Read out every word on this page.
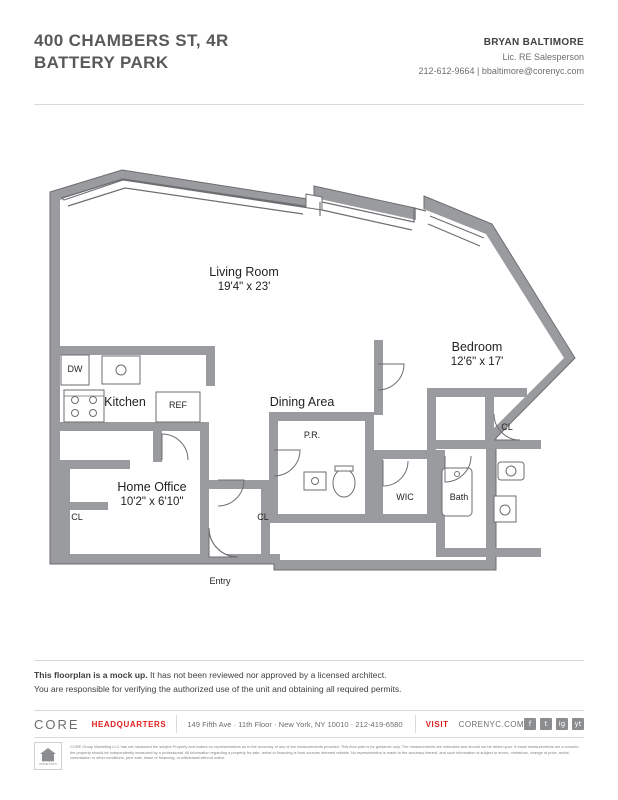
400 CHAMBERS ST, 4R
BATTERY PARK
BRYAN BALTIMORE
Lic. RE Salesperson
212-612-9664 | bbaltimore@corenyc.com
Living Room
19'4" x 23'
Bedroom
12'6" x 17'
Home Office
10'2" x 6'10"
Kitchen	Dining Area
DW
REF
P.R.
WIC	Bath
CL
CL	CL
Entry
This floorplan is a mock up. It has not been reviewed nor approved by a licensed architect.
You are responsible for verifying the authorized use of the unit and obtaining all required permits.
CORE	HEADQUARTERS	149 Fifth Ave · 11th Floor · New York, NY 10010 · 212-419-6580	VISIT	CORENYC.COM f	t	ig	yt
EQUAL HOUSING OPPORTUNITY
CORE Group Marketing LLC has not measured the subject Property and makes no representations as to the accuracy of any of the measurements provided. This floor plan is for guidance only. The measurements are estimates and should not be relied upon. If exact measurements are a concern, the property should be independently measured by a professional. All information regarding a property for sale, rental or financing is from sources deemed reliable. No representation is made to the accuracy thereof, and such information is subject to errors, omissions, change of price, rental, commission or other conditions, prior sale, lease or financing, or withdrawal without notice.
